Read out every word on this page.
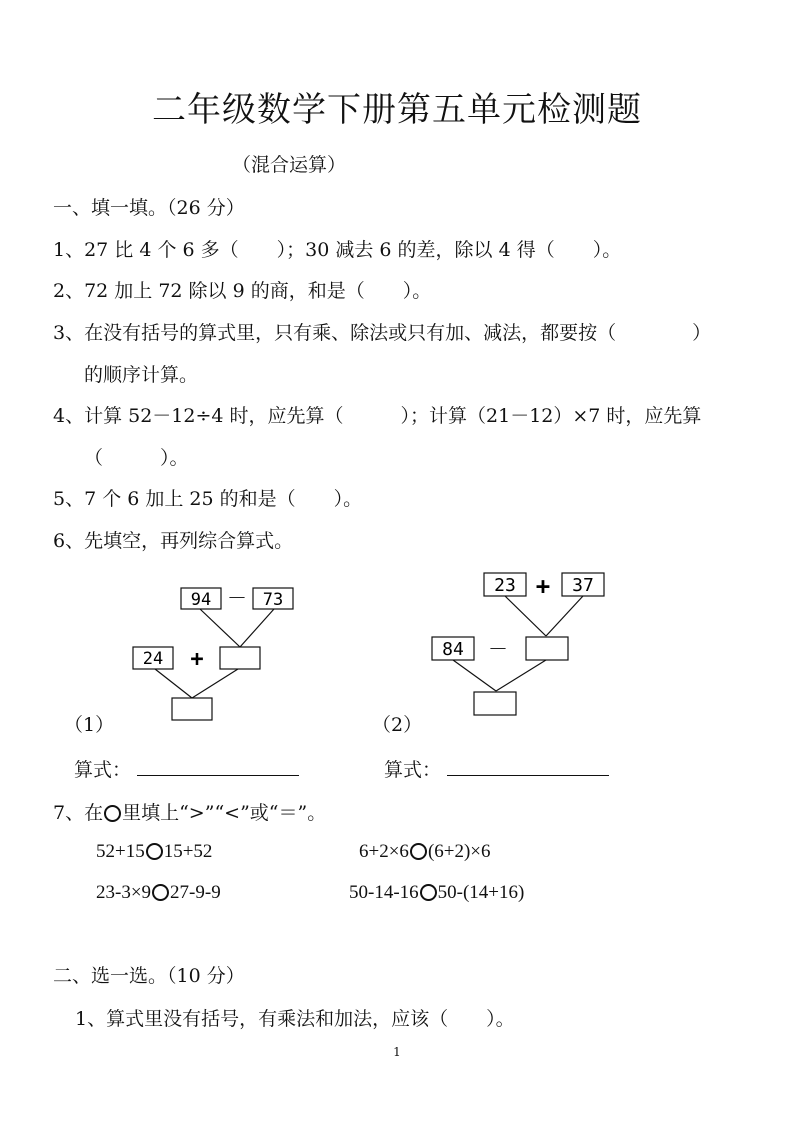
二年级数学下册第五单元检测题
（混合运算）
一、填一填。（26 分）
1、27 比 4 个 6 多（　　）；30 减去 6 的差，除以 4 得（　　）。
2、72 加上 72 除以 9 的商，和是（　　）。
3、在没有括号的算式里，只有乘、除法或只有加、减法，都要按（　　　　）
的顺序计算。
4、计算 52－12÷4 时，应先算（　　　）；计算（21－12）×7 时，应先算
（　　　）。
5、7 个 6 加上 25 的和是（　　）。
6、先填空，再列综合算式。
94 － 73
24 +
（1）
23 + 37
84 －
（2）
算式：	算式：
7、在 里填上“>”“<”或“＝”。
52+15 15+52	6+2×6 (6+2)×6
23-3×9 27-9-9	50-14-16 50-(14+16)
二、选一选。（10 分）
1、算式里没有括号，有乘法和加法，应该（　　）。
1
